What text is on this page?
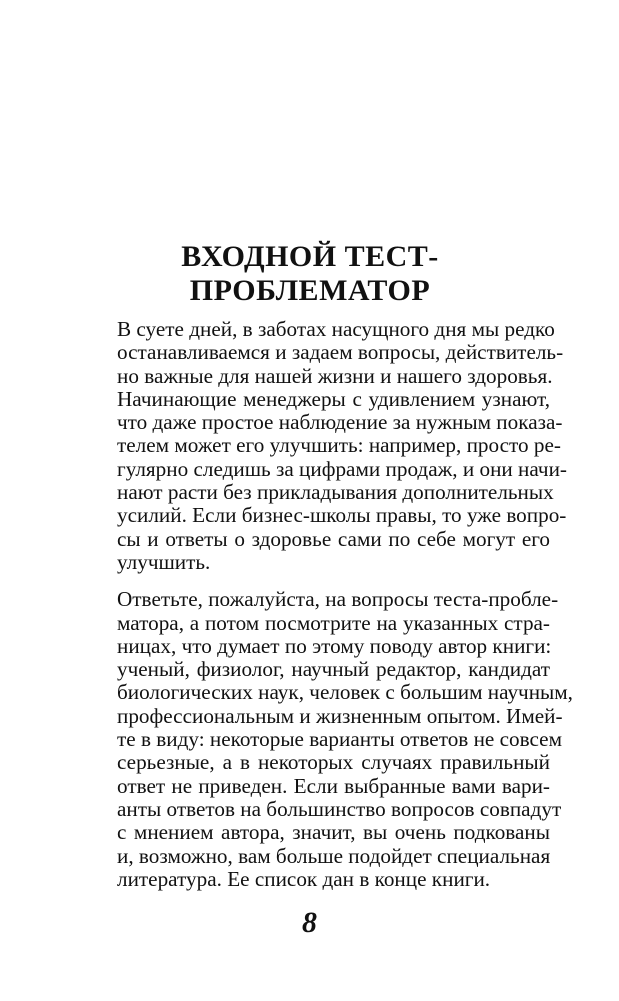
ВХОДНОЙ ТЕСТ-
ПРОБЛЕМАТОР

В суете дней, в заботах насущного дня мы редко
останавливаемся и задаем вопросы, действитель-
но важные для нашей жизни и нашего здоровья.
Начинающие менеджеры с удивлением узнают,
что даже простое наблюдение за нужным показа-
телем может его улучшить: например, просто ре-
гулярно следишь за цифрами продаж, и они начи-
нают расти без прикладывания дополнительных
усилий. Если бизнес-школы правы, то уже вопро-
сы и ответы о здоровье сами по себе могут его
улучшить.

Ответьте, пожалуйста, на вопросы теста-пробле-
матора, а потом посмотрите на указанных стра-
ницах, что думает по этому поводу автор книги:
ученый, физиолог, научный редактор, кандидат
биологических наук, человек с большим научным,
профессиональным и жизненным опытом. Имей-
те в виду: некоторые варианты ответов не совсем
серьезные, а в некоторых случаях правильный
ответ не приведен. Если выбранные вами вари-
анты ответов на большинство вопросов совпадут
с мнением автора, значит, вы очень подкованы
и, возможно, вам больше подойдет специальная
литература. Ее список дан в конце книги.

8
